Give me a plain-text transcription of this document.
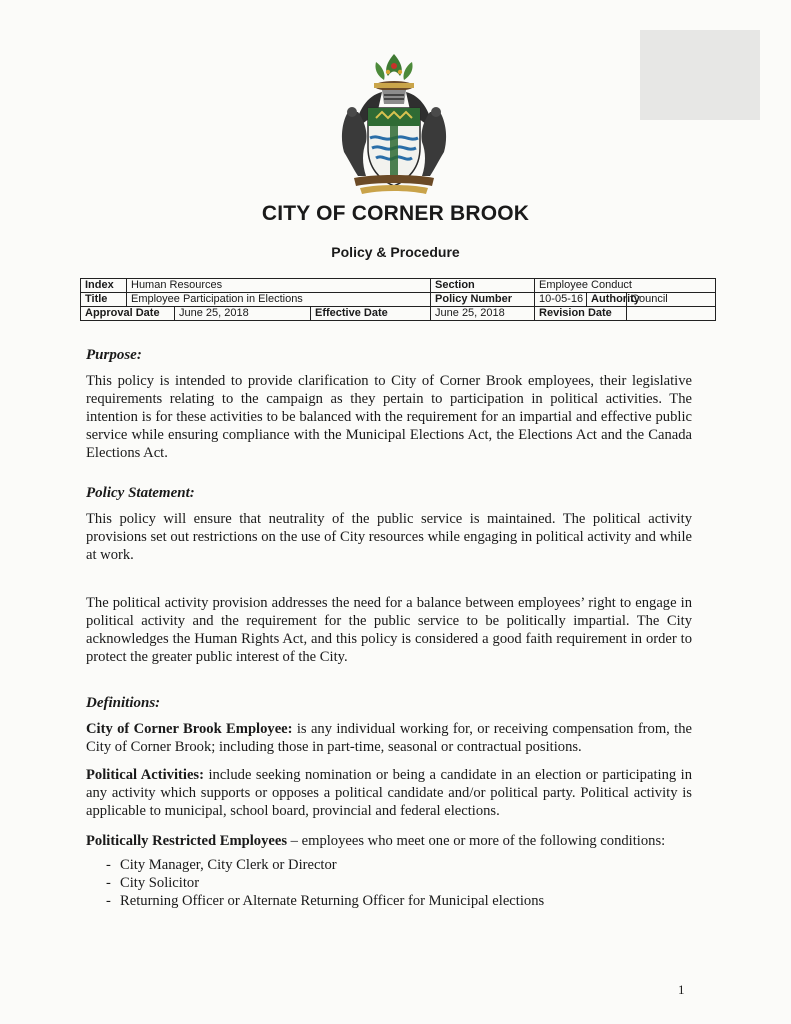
CITY OF CORNER BROOK
Policy & Procedure
Index	Human Resources			Section	Employee Conduct		
Title	Employee Participation in Elections			Policy Number	10-05-16	Authority	Council
Approval Date		June 25, 2018	Effective Date	June 25, 2018	Revision Date		
Purpose:

This policy is intended to provide clarification to City of Corner Brook employees, their legislative requirements relating to the campaign as they pertain to participation in political activities. The intention is for these activities to be balanced with the requirement for an impartial and effective public service while ensuring compliance with the Municipal Elections Act, the Elections Act and the Canada Elections Act.

Policy Statement:

This policy will ensure that neutrality of the public service is maintained. The political activity provisions set out restrictions on the use of City resources while engaging in political activity and while at work.

The political activity provision addresses the need for a balance between employees’ right to engage in political activity and the requirement for the public service to be politically impartial. The City acknowledges the Human Rights Act, and this policy is considered a good faith requirement in order to protect the greater public interest of the City.

Definitions:

City of Corner Brook Employee: is any individual working for, or receiving compensation from, the City of Corner Brook; including those in part-time, seasonal or contractual positions.

Political Activities: include seeking nomination or being a candidate in an election or participating in any activity which supports or opposes a political candidate and/or political party. Political activity is applicable to municipal, school board, provincial and federal elections.

Politically Restricted Employees – employees who meet one or more of the following conditions:

- City Manager, City Clerk or Director
- City Solicitor
- Returning Officer or Alternate Returning Officer for Municipal elections
1
